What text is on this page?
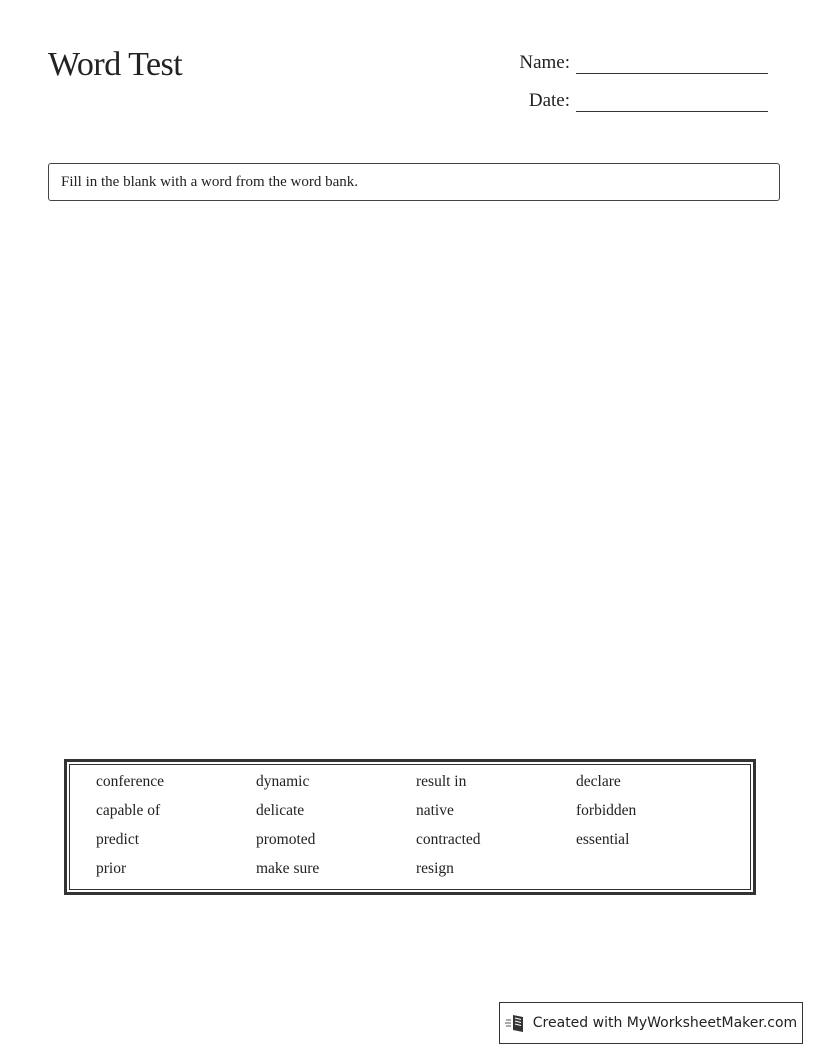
Word Test	Name:
Date:
Fill in the blank with a word from the word bank.
conference	dynamic	result in	declare
capable of	delicate	native	forbidden
predict	promoted	contracted	essential
prior	make sure	resign
Created with MyWorksheetMaker.com
